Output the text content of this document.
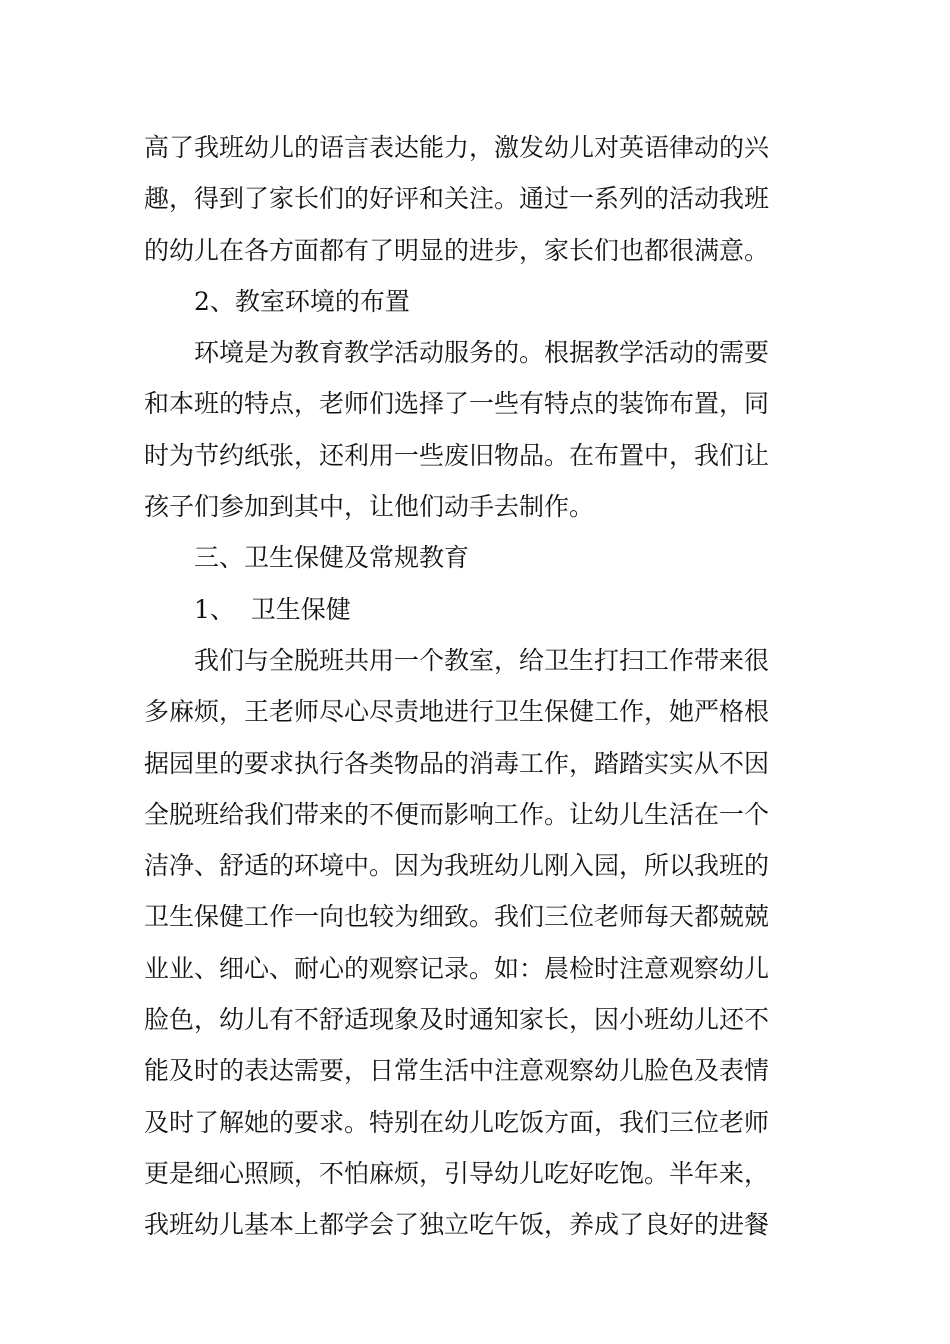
高了我班幼儿的语言表达能力，激发幼儿对英语律动的兴
趣，得到了家长们的好评和关注。通过一系列的活动我班
的幼儿在各方面都有了明显的进步，家长们也都很满意。
2、教室环境的布置
环境是为教育教学活动服务的。根据教学活动的需要
和本班的特点，老师们选择了一些有特点的装饰布置，同
时为节约纸张，还利用一些废旧物品。在布置中，我们让
孩子们参加到其中，让他们动手去制作。
三、卫生保健及常规教育
1、  卫生保健
我们与全脱班共用一个教室，给卫生打扫工作带来很
多麻烦，王老师尽心尽责地进行卫生保健工作，她严格根
据园里的要求执行各类物品的消毒工作，踏踏实实从不因
全脱班给我们带来的不便而影响工作。让幼儿生活在一个
洁净、舒适的环境中。因为我班幼儿刚入园，所以我班的
卫生保健工作一向也较为细致。我们三位老师每天都兢兢
业业、细心、耐心的观察记录。如：晨检时注意观察幼儿
脸色，幼儿有不舒适现象及时通知家长，因小班幼儿还不
能及时的表达需要，日常生活中注意观察幼儿脸色及表情
及时了解她的要求。特别在幼儿吃饭方面，我们三位老师
更是细心照顾，不怕麻烦，引导幼儿吃好吃饱。半年来，
我班幼儿基本上都学会了独立吃午饭，养成了良好的进餐
